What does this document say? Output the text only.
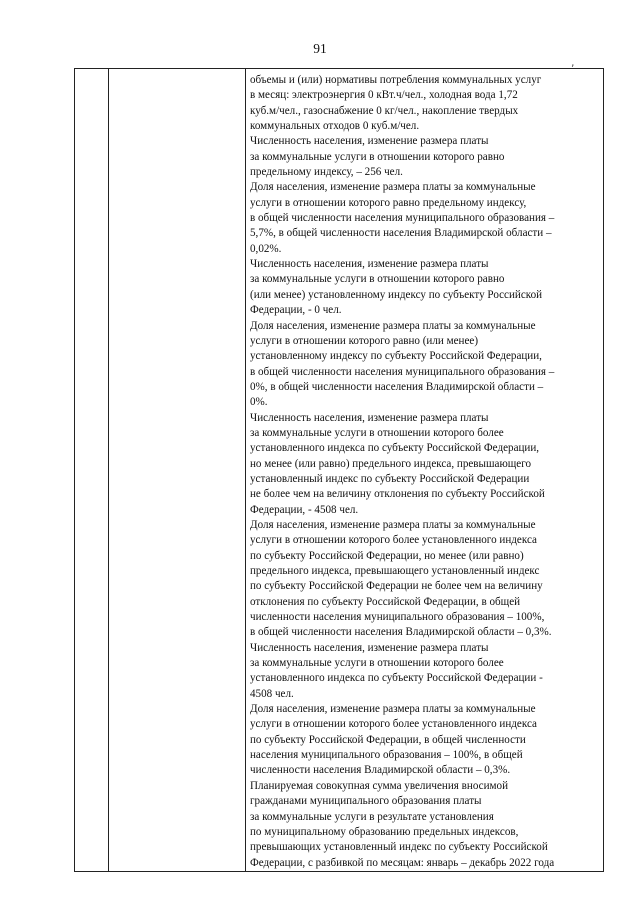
91

объемы и (или) нормативы потребления коммунальных услуг
в месяц: электроэнергия 0 кВт.ч/чел., холодная вода 1,72
куб.м/чел., газоснабжение 0 кг/чел., накопление твердых
коммунальных отходов 0 куб.м/чел.
Численность населения, изменение размера платы
за коммунальные услуги в отношении которого равно
предельному индексу, – 256 чел.
Доля населения, изменение размера платы за коммунальные
услуги в отношении которого равно предельному индексу,
в общей численности населения муниципального образования –
5,7%, в общей численности населения Владимирской области –
0,02%.
Численность населения, изменение размера платы
за коммунальные услуги в отношении которого равно
(или менее) установленному индексу по субъекту Российской
Федерации, - 0 чел.
Доля населения, изменение размера платы за коммунальные
услуги в отношении которого равно (или менее)
установленному индексу по субъекту Российской Федерации,
в общей численности населения муниципального образования –
0%, в общей численности населения Владимирской области –
0%.
Численность населения, изменение размера платы
за коммунальные услуги в отношении которого более
установленного индекса по субъекту Российской Федерации,
но менее (или равно) предельного индекса, превышающего
установленный индекс по субъекту Российской Федерации
не более чем на величину отклонения по субъекту Российской
Федерации, - 4508 чел.
Доля населения, изменение размера платы за коммунальные
услуги в отношении которого более установленного индекса
по субъекту Российской Федерации, но менее (или равно)
предельного индекса, превышающего установленный индекс
по субъекту Российской Федерации не более чем на величину
отклонения по субъекту Российской Федерации, в общей
численности населения муниципального образования – 100%,
в общей численности населения Владимирской области – 0,3%.
Численность населения, изменение размера платы
за коммунальные услуги в отношении которого более
установленного индекса по субъекту Российской Федерации -
4508 чел.
Доля населения, изменение размера платы за коммунальные
услуги в отношении которого более установленного индекса
по субъекту Российской Федерации, в общей численности
населения муниципального образования – 100%, в общей
численности населения Владимирской области – 0,3%.
Планируемая совокупная сумма увеличения вносимой
гражданами муниципального образования платы
за коммунальные услуги в результате установления
по муниципальному образованию предельных индексов,
превышающих установленный индекс по субъекту Российской
Федерации, с разбивкой по месяцам: январь – декабрь 2022 года
,
